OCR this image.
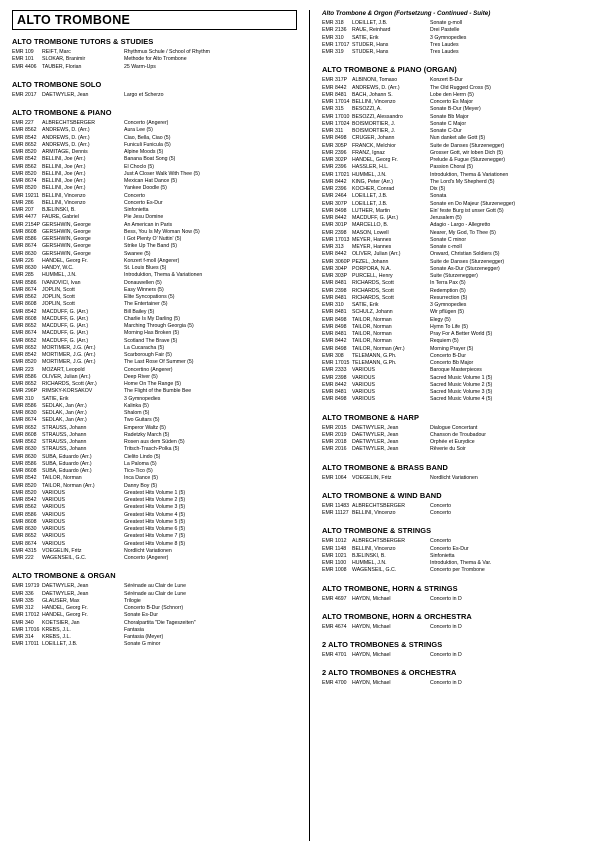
ALTO TROMBONE
ALTO TROMBONE TUTORS & STUDIES
EMR 109	REIFT, Marc	Rhythmus Schule / School of Rhythm
EMR 101	SLOKAR, Branimir	Methode for Alto Trombone
EMR 4406	TAUBER, Florian	25 Warm-Ups
ALTO TROMBONE SOLO
EMR 2017	DAETWYLER, Jean	Largo et Scherzo
ALTO TROMBONE & PIANO
EMR 227	ALBRECHTSBERGER	Concerto (Angerer)
EMR 8562	ANDREWS, D. (Arr.)	Aura Lee (5)
EMR 8542	ANDREWS, D. (Arr.)	Ciao, Bella, Ciao (5)
EMR 8652	ANDREWS, D. (Arr.)	Funiculi Funicula (5)
EMR 8520	ARMITAGE, Dennis	Alpine Moods (5)
EMR 8542	BELLINI, Joe (Arr.)	Banana Boat Song (5)
EMR 8562	BELLINI, Joe (Arr.)	El Choclo (5)
EMR 8520	BELLINI, Joe (Arr.)	Just A Closer Walk With Thee (5)
EMR 8674	BELLINI, Joe (Arr.)	Mexican Hat Dance (5)
EMR 8520	BELLINI, Joe (Arr.)	Yankee Doodle (5)
EMR 19211	BELLINI, Vincenzo	Concerto
EMR 286	BELLINI, Vincenzo	Concerto Es-Dur
EMR 207	BJELINSKI, B.	Sinfonietta
EMR 4477	FAURE, Gabriel	Pie Jesu Domine
EMR 2154P	GERSHWIN, George	An American in Paris
EMR 8608	GERSHWIN, George	Bess, You Is My Woman Now (5)
EMR 8586	GERSHWIN, George	I Got Plenty O' Nuttin' (5)
EMR 8674	GERSHWIN, George	Strike Up The Band (5)
EMR 8630	GERSHWIN, George	Swanee (5)
EMR 226	HÄNDEL, Georg Fr.	Konzert f-moll (Angerer)
EMR 8630	HANDY, W.C.	St. Louis Blues (5)
EMR 285	HUMMEL, J.N.	Introduktion, Thema & Variationen
EMR 8586	IVANOVICI, Ivan	Donauwellen (5)
EMR 8674	JOPLIN, Scott	Easy Winners (5)
EMR 8562	JOPLIN, Scott	Elite Syncopations (5)
EMR 8608	JOPLIN, Scott	The Entertainer (5)
EMR 8542	MACDUFF, G. (Arr.)	Bill Bailey (5)
EMR 8608	MACDUFF, G. (Arr.)	Charlie Is My Darling (5)
EMR 8652	MACDUFF, G. (Arr.)	Marching Through Georgia (5)
EMR 8674	MACDUFF, G. (Arr.)	Morning Has Broken (5)
EMR 8652	MACDUFF, G. (Arr.)	Scotland The Brave (5)
EMR 8652	MORTIMER, J.G. (Arr.)	La Cucaracha (5)
EMR 8542	MORTIMER, J.G. (Arr.)	Scarborough Fair (5)
EMR 8520	MORTIMER, J.G. (Arr.)	The Last Rose Of Summer (5)
EMR 223	MOZART, Leopold	Concertino (Angerer)
EMR 8586	OLIVER, Julian (Arr.)	Deep River (5)
EMR 8652	RICHARDS, Scott (Arr.)	Home On The Range (5)
EMR 296P	RIMSKY-KORSAKOV	The Flight of the Bumble Bee
EMR 310	SATIE, Erik	3 Gymnopedies
EMR 8586	SEDLAK, Jan (Arr.)	Kalinka (5)
EMR 8630	SEDLAK, Jan (Arr.)	Shalom (5)
EMR 8674	SEDLAK, Jan (Arr.)	Two Guitars (5)
EMR 8652	STRAUSS, Johann	Emperor Waltz (5)
EMR 8608	STRAUSS, Johann	Radetzky March (5)
EMR 8562	STRAUSS, Johann	Rosen aus dem Süden (5)
EMR 8630	STRAUSS, Johann	Tritsch-Trasch-Polka (5)
EMR 8630	SUBA, Eduardo (Arr.)	Cielito Lindo (5)
EMR 8586	SUBA, Eduardo (Arr.)	La Paloma (5)
EMR 8608	SUBA, Eduardo (Arr.)	Tico-Tico (5)
EMR 8542	TAILOR, Norman	Inca Dance (5)
EMR 8520	TAILOR, Norman (Arr.)	Danny Boy (5)
EMR 8520	VARIOUS	Greatest Hits Volume 1 (5)
EMR 8542	VARIOUS	Greatest Hits Volume 2 (5)
EMR 8562	VARIOUS	Greatest Hits Volume 3 (5)
EMR 8586	VARIOUS	Greatest Hits Volume 4 (5)
EMR 8608	VARIOUS	Greatest Hits Volume 5 (5)
EMR 8630	VARIOUS	Greatest Hits Volume 6 (5)
EMR 8652	VARIOUS	Greatest Hits Volume 7 (5)
EMR 8674	VARIOUS	Greatest Hits Volume 8 (5)
EMR 4315	VOEGELIN, Fritz	Nordlicht Variationen
EMR 222	WAGENSEIL, G.C.	Concerto (Angerer)
ALTO TROMBONE & ORGAN
EMR 19719	DAETWYLER, Jean	Sérénade au Clair de Lune
EMR 336	DAETWYLER, Jean	Sérénade au Clair de Lune
EMR 335	GLAUSER, Max	Trilogie
EMR 312	HÄNDEL, Georg Fr.	Concerto B-Dur (Schnorr)
EMR 17012	HÄNDEL, Georg Fr.	Sonate Es-Dur
EMR 340	KOETSIER, Jan	Choralpartita "Die Tageszeiten"
EMR 17016	KREBS, J.L.	Fantasia
EMR 314	KREBS, J.L.	Fantasia (Meyer)
EMR 17011	LOEILLET, J.B.	Sonate G minor
Alto Trombone & Orgon (Fortsetzung - Continued - Suite)
EMR 318	LOEILLET, J.B.	Sonate g-moll
EMR 2136	RAUE, Reinhard	Drei Pastelle
EMR 310	SATIE, Erik	3 Gymnopedies
EMR 17017	STUDER, Hans	Tres Laudes
EMR 319	STUDER, Hans	Tres Laudes
ALTO TROMBONE & PIANO (ORGAN)
EMR 317P	ALBINONI, Tomaso	Konzert B-Dur
EMR 8442	ANDREWS, D. (Arr.)	The Old Rugged Cross (5)
EMR 8481	BACH, Johann S.	Lobe den Herrn (5)
EMR 17014	BELLINI, Vincenzo	Concerto Es Major
EMR 315	BESOZZI, A.	Sonate B-Dur (Meyer)
EMR 17010	BESOZZI, Alessandro	Sonate Bb Major
EMR 17024	BOISMORTIER, J.	Sonate C Major
EMR 311	BOISMORTIER, J.	Sonate C-Dur
EMR 8498	CRÜGER, Johann	Nun danket alle Gott (5)
EMR 305P	FRANCK, Melchior	Suite de Danses (Sturzenegger)
EMR 2396	FRANZ, Ignaz	Grosser Gott, wir loben Dich (5)
EMR 302P	HÄNDEL, Georg Fr.	Prelude & Fugue (Sturzenegger)
EMR 2396	HASSLER, H.L.	Passion Choral (5)
EMR 17021	HUMMEL, J.N.	Introduktion, Thema & Variationen
EMR 8442	KING, Peter (Arr.)	The Lord's My Shepherd (5)
EMR 2396	KOCHER, Conrad	Dix (5)
EMR 2464	LOEILLET, J.B.	Sonata
EMR 307P	LOEILLET, J.B.	Sonate en Do Majeur (Sturzenegger)
EMR 8498	LUTHER, Martin	Ein' feste Burg ist unser Gott (5)
EMR 8442	MACDUFF, G. (Arr.)	Jerusalem (5)
EMR 301P	MARCELLO, B.	Adagio - Largo - Allegretto
EMR 2398	MASON, Lowell	Nearer, My God, To Thee (5)
EMR 17013	MEYER, Hannes	Sonate C minor
EMR 313	MEYER, Hannes	Sonate c-moll
EMR 8442	OLIVER, Julian (Arr.)	Onward, Christian Soldiers (5)
EMR 3060P	PEZEL, Johann	Suite de Danses (Sturzenegger)
EMR 304P	PORPORA, N.A.	Sonate As-Dur (Sturzenegger)
EMR 303P	PURCELL, Henry	Suite (Sturzenegger)
EMR 8481	RICHARDS, Scott	In Terra Pax (5)
EMR 2398	RICHARDS, Scott	Redemption (5)
EMR 8481	RICHARDS, Scott	Resurrection (5)
EMR 310	SATIE, Erik	3 Gymnopedies
EMR 8481	SCHULZ, Johann	Wir pflügen (5)
EMR 8498	TAILOR, Norman	Elegy (5)
EMR 8498	TAILOR, Norman	Hymn To Life (5)
EMR 8481	TAILOR, Norman	Pray For A Better World (5)
EMR 8442	TAILOR, Norman	Requiem (5)
EMR 8498	TAILOR, Norman (Arr.)	Morning Prayer (5)
EMR 308	TELEMANN, G.Ph.	Concerto B-Dur
EMR 17015	TELEMANN, G.Ph.	Concerto Bb Major
EMR 2333	VARIOUS	Baroque Masterpieces
EMR 2398	VARIOUS	Sacred Music Volume 1 (5)
EMR 8442	VARIOUS	Sacred Music Volume 2 (5)
EMR 8481	VARIOUS	Sacred Music Volume 3 (5)
EMR 8498	VARIOUS	Sacred Music Volume 4 (5)
ALTO TROMBONE & HARP
EMR 2015	DAETWYLER, Jean	Dialogue Concertant
EMR 2019	DAETWYLER, Jean	Chanson de Troubadour
EMR 2018	DAETWYLER, Jean	Orphée et Eurydice
EMR 2016	DAETWYLER, Jean	Rêverie du Soir
ALTO TROMBONE & BRASS BAND
EMR 1064	VOEGELIN, Fritz	Nordlicht Variationen
ALTO TROMBONE & WIND BAND
EMR 11483	ALBRECHTSBERGER	Concerto
EMR 11127	BELLINI, Vincenzo	Concerto
ALTO TROMBONE & STRINGS
EMR 1012	ALBRECHTSBERGER	Concerto
EMR 1148	BELLINI, Vincenzo	Concerto Es-Dur
EMR 1021	BJELINSKI, B.	Sinfonietta
EMR 1100	HUMMEL, J.N.	Introduktion, Thema & Var.
EMR 1008	WAGENSEIL, G.C.	Concerto per Trombone
ALTO TROMBONE, HORN & STRINGS
EMR 4697	HAYDN, Michael	Concerto in D
ALTO TROMBONE, HORN & ORCHESTRA
EMR 4674	HAYDN, Michael	Concerto in D
2 ALTO TROMBONES & STRINGS
EMR 4701	HAYDN, Michael	Concerto in D
2 ALTO TROMBONES & ORCHESTRA
EMR 4700	HAYDN, Michael	Concerto in D
